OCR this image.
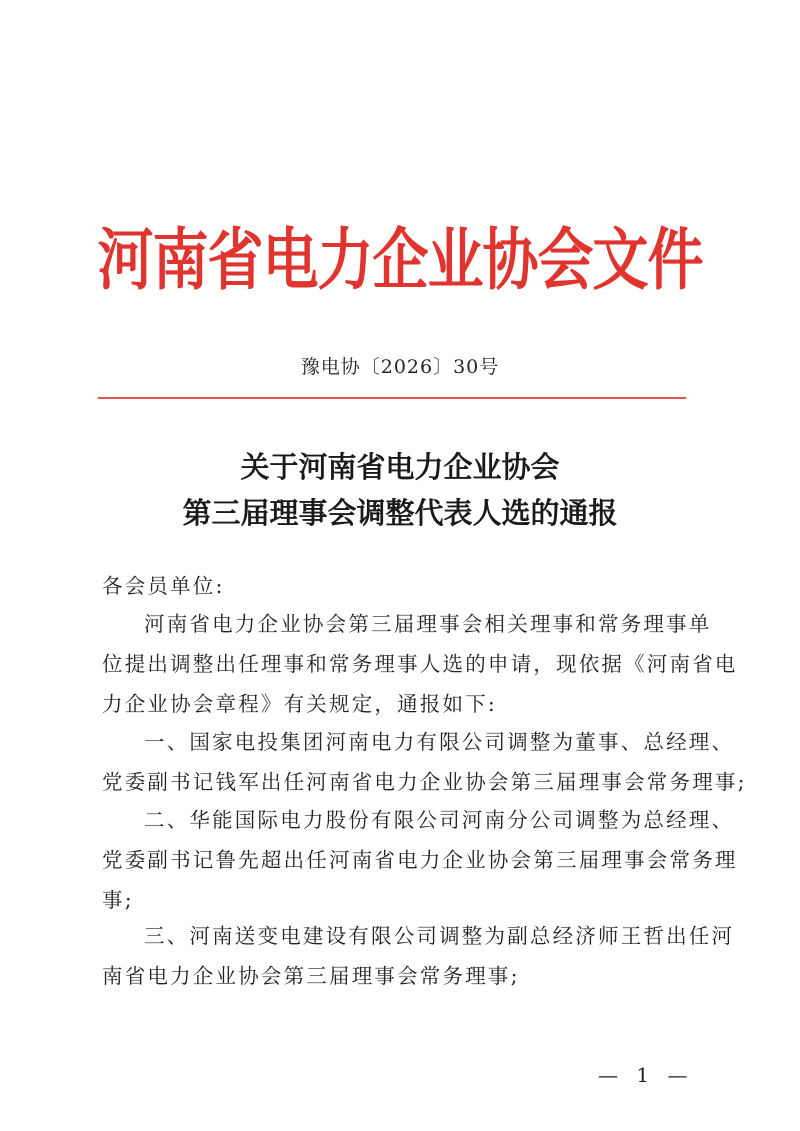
河南省电力企业协会文件
豫电协〔2026〕30号
关于河南省电力企业协会
第三届理事会调整代表人选的通报
各会员单位:
河南省电力企业协会第三届理事会相关理事和常务理事单
位提出调整出任理事和常务理事人选的申请，现依据《河南省电
力企业协会章程》有关规定，通报如下:
一、国家电投集团河南电力有限公司调整为董事、总经理、
党委副书记钱军出任河南省电力企业协会第三届理事会常务理事;
二、华能国际电力股份有限公司河南分公司调整为总经理、
党委副书记鲁先超出任河南省电力企业协会第三届理事会常务理
事;
三、河南送变电建设有限公司调整为副总经济师王哲出任河
南省电力企业协会第三届理事会常务理事;
— 1 —
